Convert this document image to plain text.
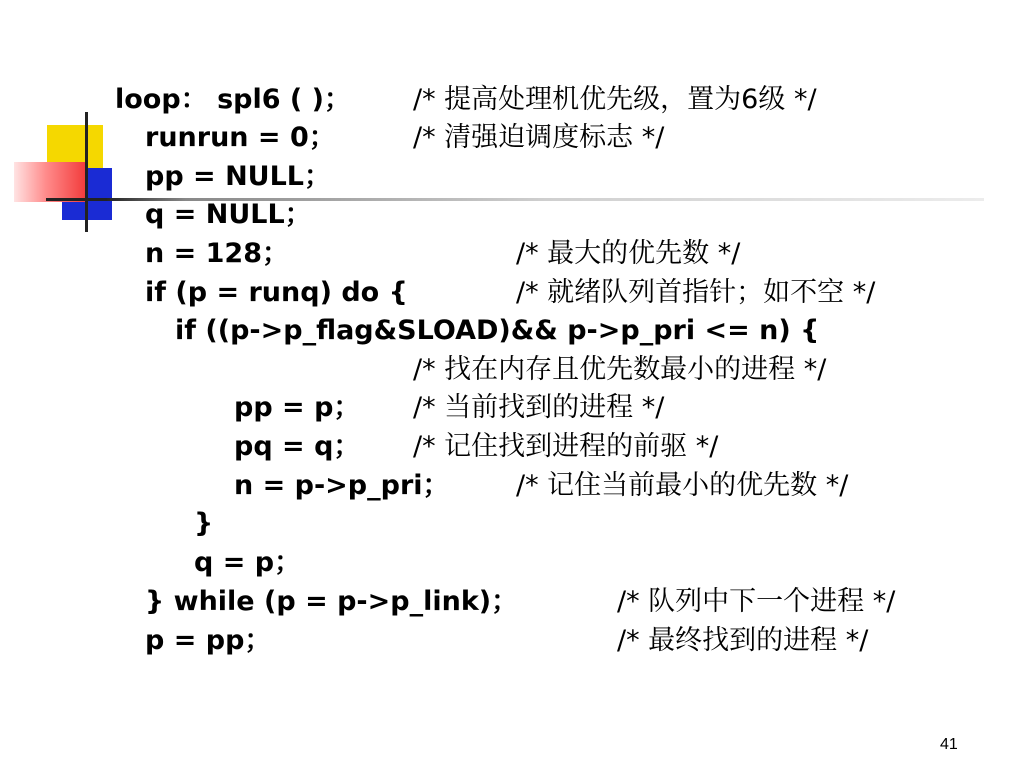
loop： spl6 ( )； /* 提高处理机优先级，置为6级 */
runrun = 0；	/* 清强迫调度标志 */
pp = NULL；
q = NULL；
n = 128；	/* 最大的优先数 */
if (p = runq) do {	/* 就绪队列首指针；如不空 */
if ((p->p_flag&SLOAD)&& p->p_pri <= n) {
/* 找在内存且优先数最小的进程 */
pp = p； /* 当前找到的进程 */
pq = q； /* 记住找到进程的前驱 */
n = p->p_pri； /* 记住当前最小的优先数 */
}
q = p；
} while (p = p->p_link)；	/* 队列中下一个进程 */
p = pp；	/* 最终找到的进程 */
41
